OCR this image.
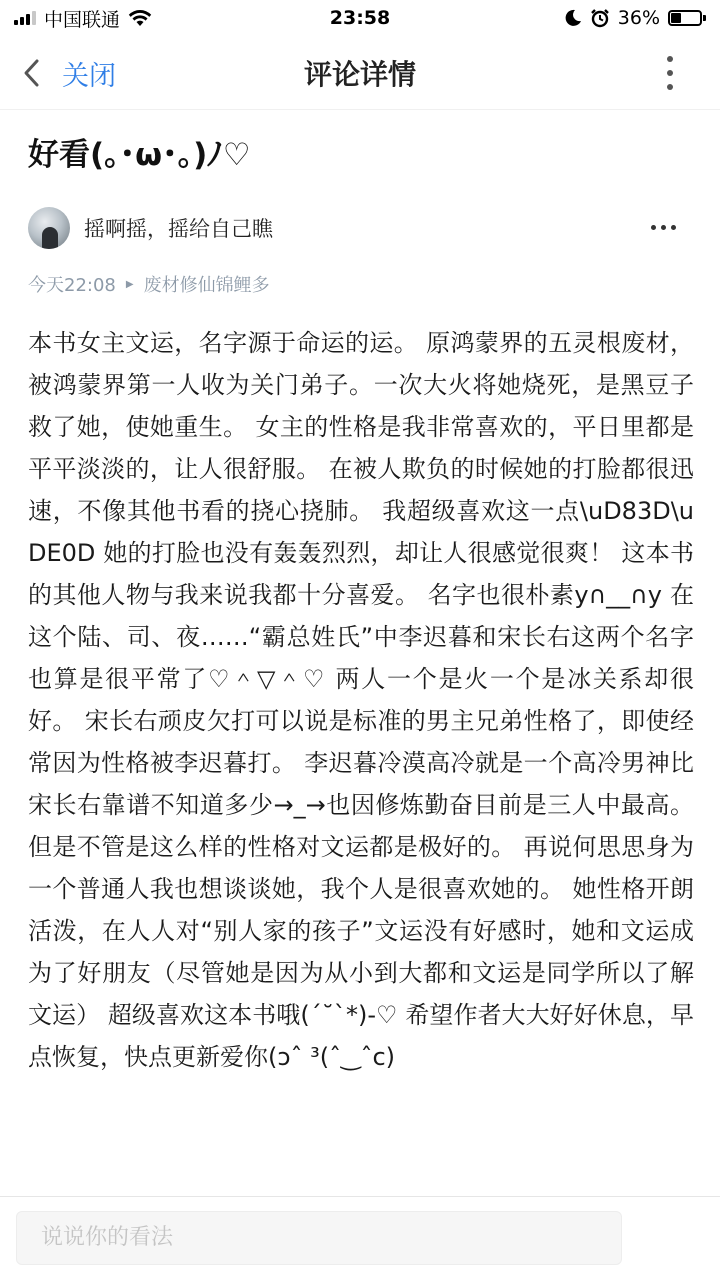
中国联通	23:58	36%
关闭	评论详情
好看(｡･ω･｡)ﾉ♡
摇啊摇，摇给自己瞧
今天22:08 ▶ 废材修仙锦鲤多
本书女主文运，名字源于命运的运。 原鸿蒙界的五灵根废材，被鸿蒙界第一人收为关门弟子。一次大火将她烧死，是黑豆子救了她，使她重生。 女主的性格是我非常喜欢的，平日里都是平平淡淡的，让人很舒服。 在被人欺负的时候她的打脸都很迅速，不像其他书看的挠心挠肺。 我超级喜欢这一点\uD83D\uDE0D 她的打脸也没有轰轰烈烈，却让人很感觉很爽！ 这本书的其他人物与我来说我都十分喜爱。 名字也很朴素y∩__∩y 在这个陆、司、夜……“霸总姓氏”中李迟暮和宋长右这两个名字也算是很平常了♡＾▽＾♡ 两人一个是火一个是冰关系却很好。 宋长右顽皮欠打可以说是标准的男主兄弟性格了，即使经常因为性格被李迟暮打。 李迟暮冷漠高冷就是一个高冷男神比宋长右靠谱不知道多少→_→也因修炼勤奋目前是三人中最高。 但是不管是这么样的性格对文运都是极好的。 再说何思思身为一个普通人我也想谈谈她，我个人是很喜欢她的。 她性格开朗活泼，在人人对“别人家的孩子”文运没有好感时，她和文运成为了好朋友（尽管她是因为从小到大都和文运是同学所以了解文运） 超级喜欢这本书哦(ˊ˘ˋ*)-♡ 希望作者大大好好休息，早点恢复，快点更新爱你(ɔˆ ³(ˆ‿ˆc)
说说你的看法
